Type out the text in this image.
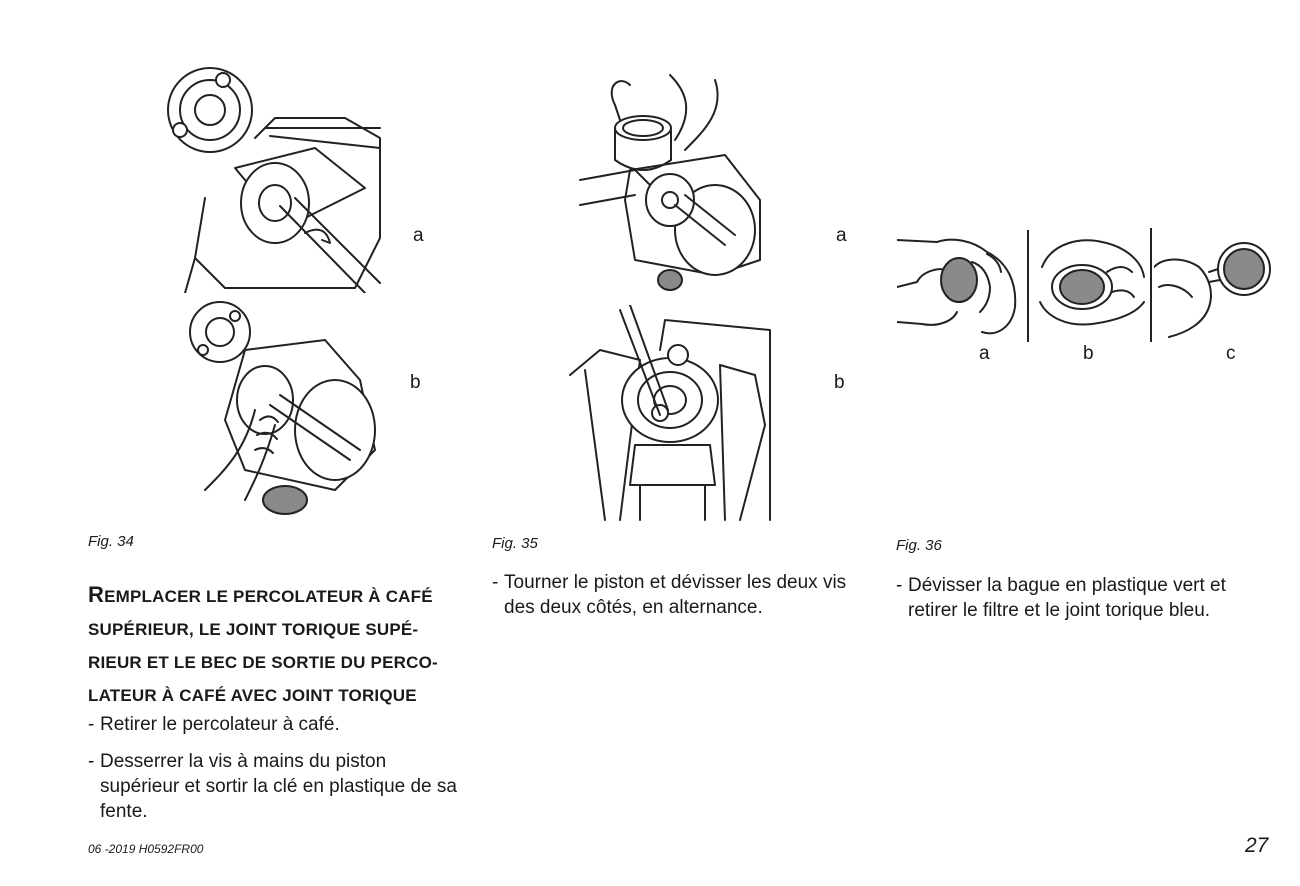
a
b
Fig. 34
a
b
Fig. 35
a	b	c
Fig. 36
REMPLACER LE PERCOLATEUR À CAFÉ SUPÉRIEUR, LE JOINT TORIQUE SUPÉ-RIEUR ET LE BEC DE SORTIE DU PERCO-LATEUR À CAFÉ AVEC JOINT TORIQUE
- Retirer le percolateur à café.
- Desserrer la vis à mains du piston supérieur et sortir la clé en plastique de sa fente.
- Tourner le piston et dévisser les deux vis des deux côtés, en alternance.
- Dévisser la bague en plastique vert et retirer le filtre et le joint torique bleu.
06 -2019 H0592FR00	27
